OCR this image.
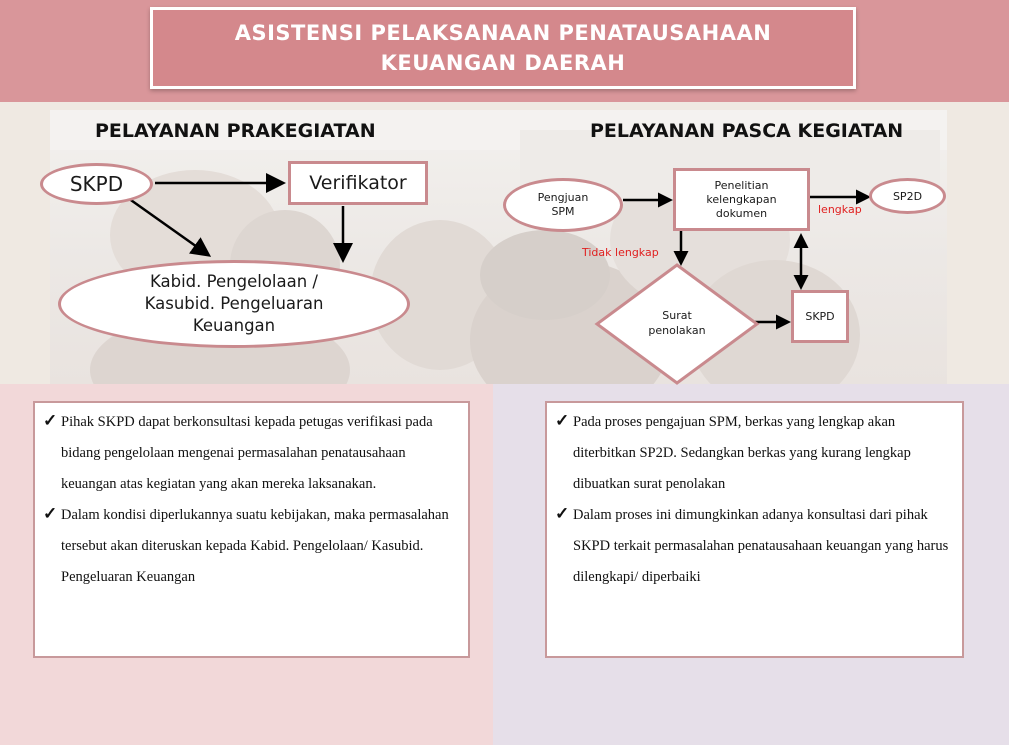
ASISTENSI PELAKSANAAN PENATAUSAHAAN
KEUANGAN DAERAH
PELAYANAN PRAKEGIATAN	PELAYANAN PASCA KEGIATAN
SKPD	Verifikator
Kabid. Pengelolaan /
Kasubid. Pengeluaran
Keuangan
Pengjuan
SPM
Penelitian
kelengkapan
dokumen
SP2D
lengkap
Tidak lengkap
Surat
penolakan
SKPD
✓ Pihak SKPD dapat berkonsultasi kepada petugas verifikasi pada bidang pengelolaan mengenai permasalahan penatausahaan keuangan atas kegiatan yang akan mereka laksanakan.
✓ Dalam kondisi diperlukannya suatu kebijakan, maka permasalahan tersebut akan diteruskan kepada Kabid. Pengelolaan/ Kasubid. Pengeluaran Keuangan
✓ Pada proses pengajuan SPM, berkas yang lengkap akan diterbitkan SP2D. Sedangkan berkas yang kurang lengkap dibuatkan surat penolakan
✓ Dalam proses ini dimungkinkan adanya konsultasi dari pihak SKPD terkait permasalahan penatausahaan keuangan yang harus dilengkapi/ diperbaiki
